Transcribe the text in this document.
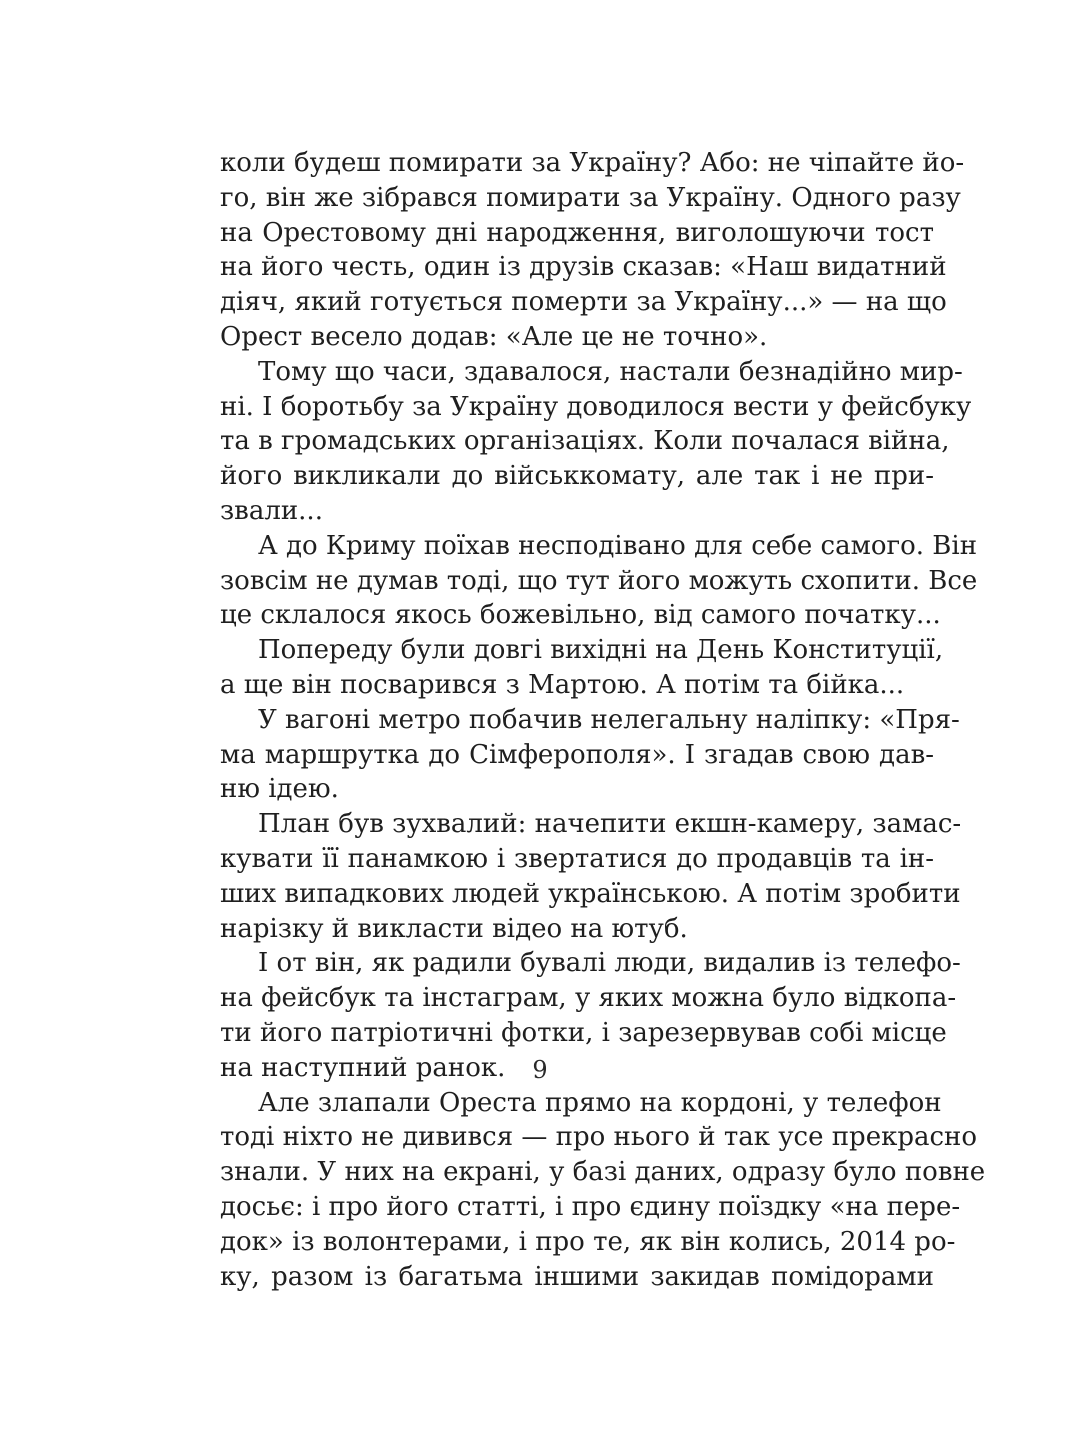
коли будеш помирати за Україну? Або: не чіпайте йо-
го, він же зібрався помирати за Україну. Одного разу
на Орестовому дні народження, виголошуючи тост
на його честь, один із друзів сказав: «Наш видатний
діяч, який готується померти за Україну...» — на що
Орест весело додав: «Але це не точно».
Тому що часи, здавалося, настали безнадійно мир-
ні. І боротьбу за Україну доводилося вести у фейсбуку
та в громадських організаціях. Коли почалася війна,
його викликали до військкомату, але так і не при-
звали...
А до Криму поїхав несподівано для себе самого. Він
зовсім не думав тоді, що тут його можуть схопити. Все
це склалося якось божевільно, від самого початку...
Попереду були довгі вихідні на День Конституції,
а ще він посварився з Мартою. А потім та бійка...
У вагоні метро побачив нелегальну наліпку: «Пря-
ма маршрутка до Сімферополя». І згадав свою дав-
ню ідею.
План був зухвалий: начепити екшн-камеру, замас-
кувати її панамкою і звертатися до продавців та ін-
ших випадкових людей українською. А потім зробити
нарізку й викласти відео на ютуб.
І от він, як радили бувалі люди, видалив із телефо-
на фейсбук та інстаграм, у яких можна було відкопа-
ти його патріотичні фотки, і зарезервував собі місце
на наступний ранок.
Але злапали Ореста прямо на кордоні, у телефон
тоді ніхто не дивився — про нього й так усе прекрасно
знали. У них на екрані, у базі даних, одразу було повне
досьє: і про його статті, і про єдину поїздку «на пере-
док» із волонтерами, і про те, як він колись, 2014 ро-
ку, разом із багатьма іншими закидав помідорами
9
